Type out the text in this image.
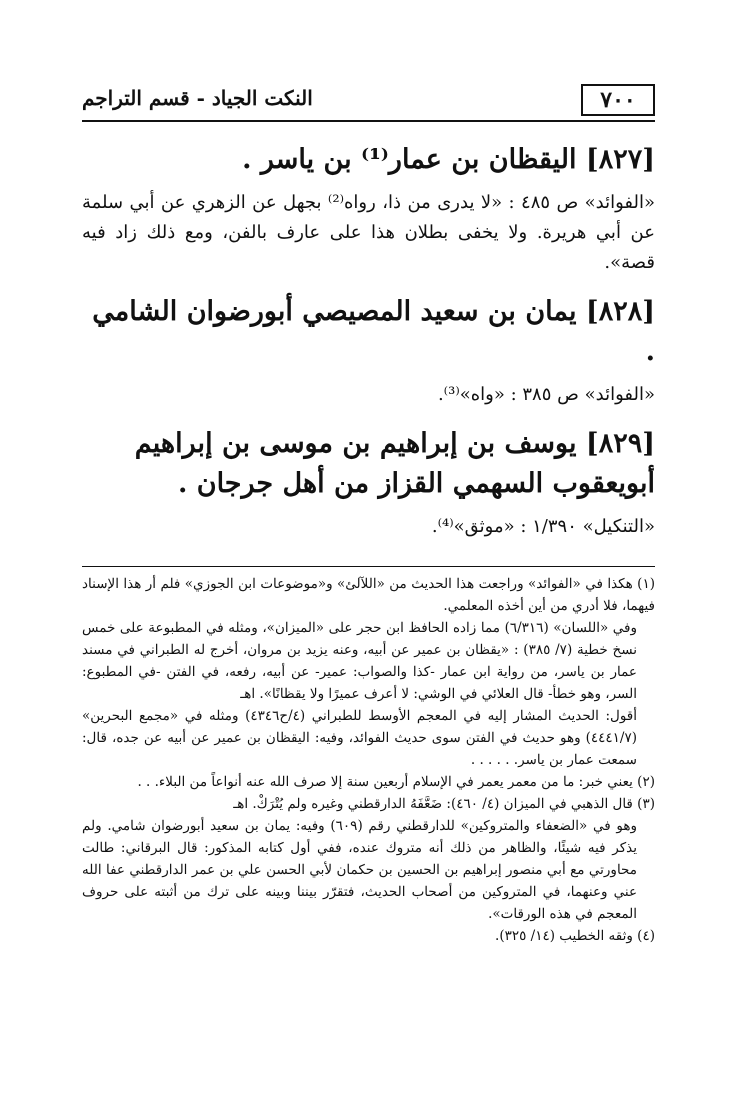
٧٠٠
النكت الجياد - قسم التراجم

[٨٢٧] اليقظان بن عمار⁽¹⁾ بن ياسر .

«الفوائد» ص ٤٨٥ : «لا يدرى من ذا، رواه⁽²⁾ بجهل عن الزهري عن أبي سلمة عن أبي هريرة. ولا يخفى بطلان هذا على عارف بالفن، ومع ذلك زاد فيه قصة».

[٨٢٨] يمان بن سعيد المصيصي أبورضوان الشامي .

«الفوائد» ص ٣٨٥ : «واه»⁽³⁾.

[٨٢٩] يوسف بن إبراهيم بن موسى بن إبراهيم أبويعقوب السهمي القزاز من أهل جرجان .

«التنكيل» ١/٣٩٠ : «موثق»⁽⁴⁾.

(١) هكذا في «الفوائد» وراجعت هذا الحديث من «اللآلئ» و«موضوعات ابن الجوزي» فلم أر هذا الإسناد فيهما، فلا أدري من أين أخذه المعلمي.

وفي «اللسان» (٦/٣١٦) مما زاده الحافظ ابن حجر على «الميزان»، ومثله في المطبوعة على خمس نسخ خطية (٧/ ٣٨٥) : «يقظان بن عمير عن أبيه، وعنه يزيد بن مروان، أخرج له الطبراني في مسند عمار بن ياسر، من رواية ابن عمار -كذا والصواب: عمير- عن أبيه، رفعه، في الفتن -في المطبوع: السر، وهو خطأ- قال العلائي في الوشي: لا أعرف عميرًا ولا يقظانًا». اهـ

أقول: الحديث المشار إليه في المعجم الأوسط للطبراني (٤/ح٤٣٤٦) ومثله في «مجمع البحرين» (٤٤٤١/٧) وهو حديث في الفتن سوى حديث الفوائد، وفيه: اليقظان بن عمير عن أبيه عن جده، قال: سمعت عمار بن ياسر. . . . . .

(٢) يعني خبر: ما من معمر يعمر في الإسلام أربعين سنة إلا صرف الله عنه أنواعاً من البلاء. . .

(٣) قال الذهبي في الميزان (٤/ ٤٦٠): ضَعَّفَهُ الدارقطني وغيره ولم يُتْرَكْ. اهـ

وهو في «الضعفاء والمتروكين» للدارقطني رقم (٦٠٩) وفيه: يمان بن سعيد أبورضوان شامي. ولم يذكر فيه شيئًا، والظاهر من ذلك أنه متروك عنده، ففي أول كتابه المذكور: قال البرقاني: طالت محاورتي مع أبي منصور إبراهيم بن الحسين بن حكمان لأبي الحسن علي بن عمر الدارقطني عفا الله عني وعنهما، في المتروكين من أصحاب الحديث، فتقرّر بيننا وبينه على ترك من أثبته على حروف المعجم في هذه الورقات».

(٤) وثقه الخطيب (١٤/ ٣٢٥).
